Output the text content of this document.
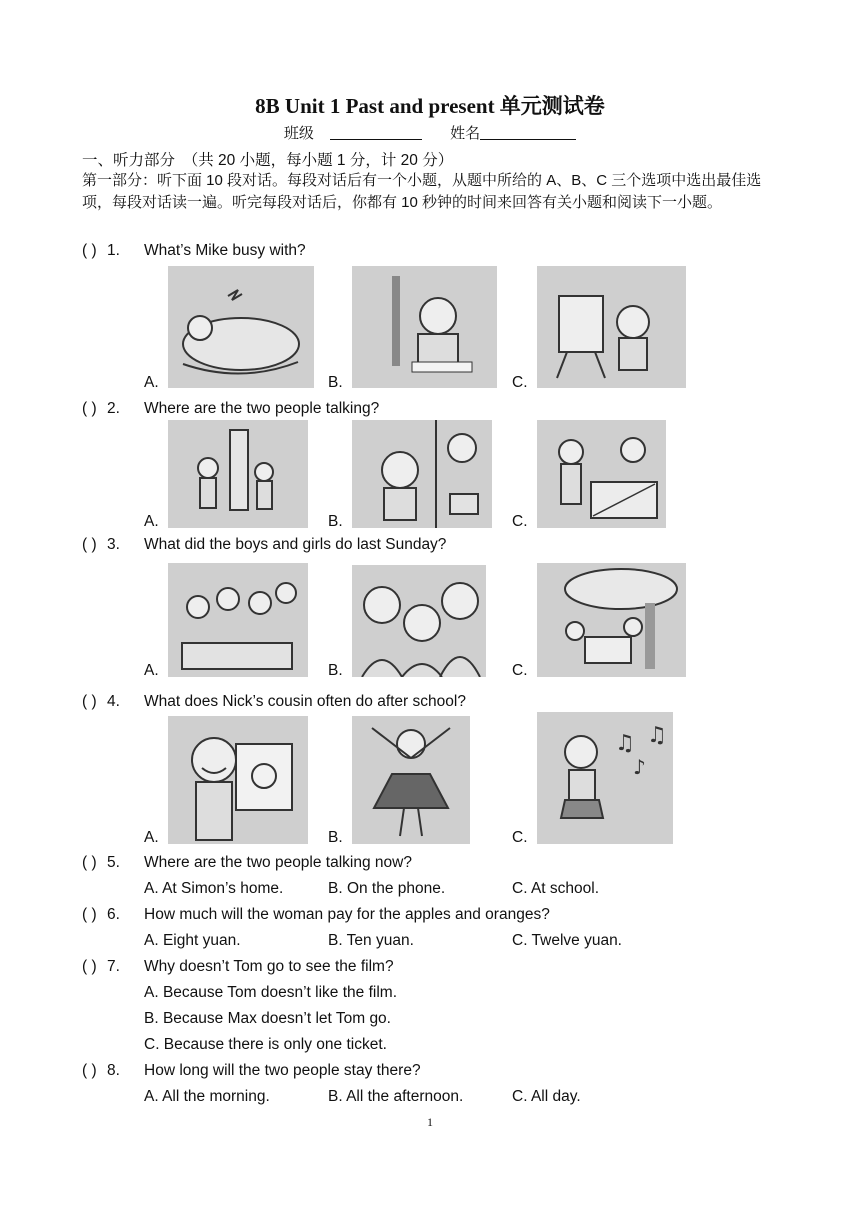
8B Unit 1 Past and present 单元测试卷
班级	姓名
一、听力部分　（共 20 小题，每小题 1 分，计 20 分）
第一部分：听下面 10 段对话。每段对话后有一个小题，从题中所给的 A、B、C 三个选项中选出最佳选项，每段对话读一遍。听完每段对话后，你都有 10 秒钟的时间来回答有关小题和阅读下一小题。
( ) 1. What’s Mike busy with?
A.	B.	C.
( ) 2. Where are the two people talking?
A.	B.	C.
( ) 3. What did the boys and girls do last Sunday?
A.	B.	C.
( ) 4. What does Nick’s cousin often do after school?
A.	B.	C.
♫ ♫
♪
( ) 5. Where are the two people talking now?
A. At Simon’s home.	B. On the phone.	C. At school.
( ) 6. How much will the woman pay for the apples and oranges?
A. Eight yuan.	B. Ten yuan.	C. Twelve yuan.
( ) 7. Why doesn’t Tom go to see the film?
A. Because Tom doesn’t like the film.
B. Because Max doesn’t let Tom go.
C. Because there is only one ticket.
( ) 8. How long will the two people stay there?
A. All the morning.	B. All the afternoon.	C. All day.
1
